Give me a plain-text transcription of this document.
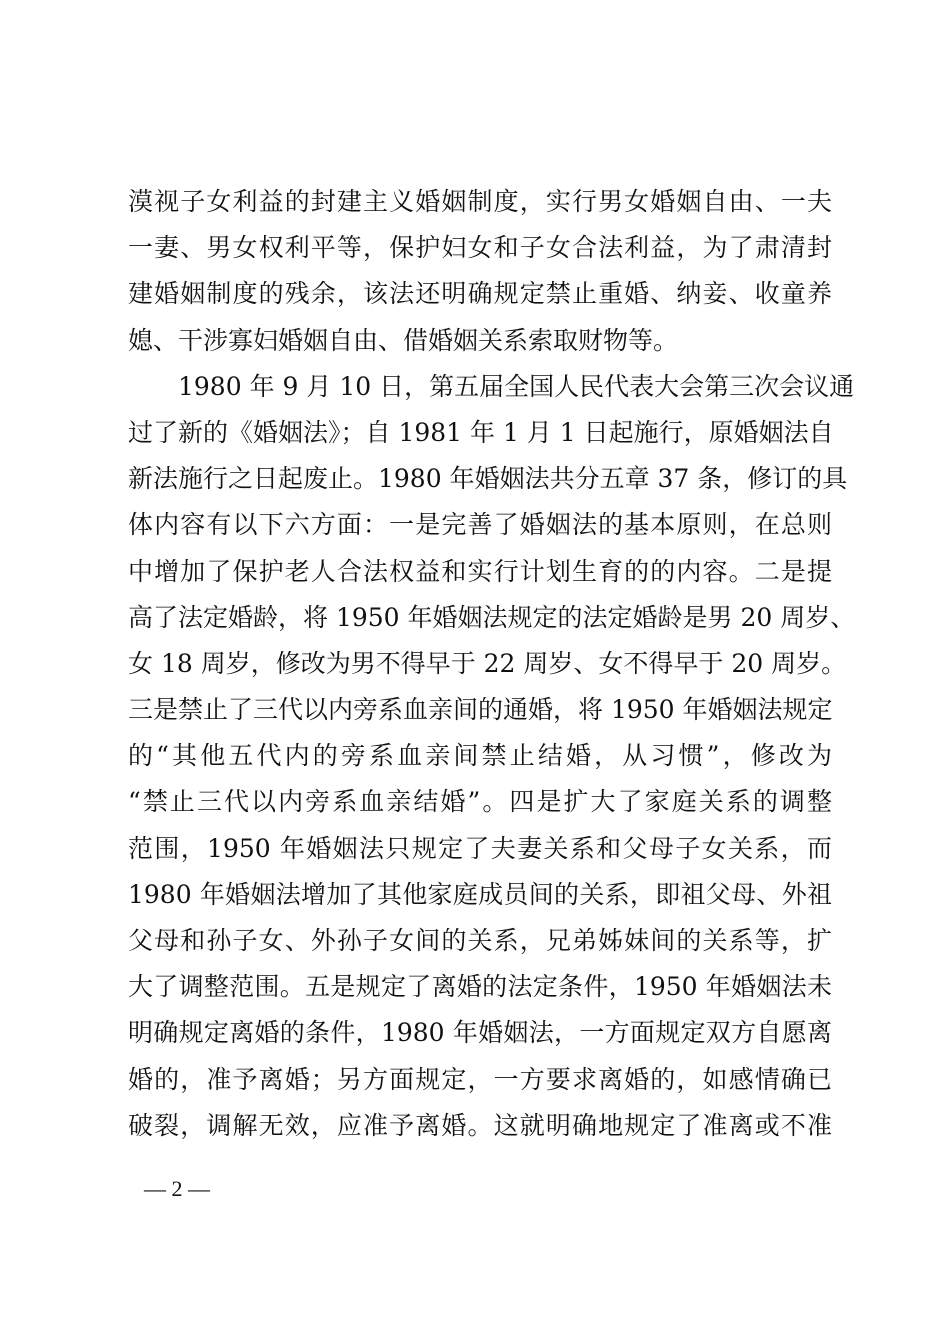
漠视子女利益的封建主义婚姻制度，实行男女婚姻自由、一夫
一妻、男女权利平等，保护妇女和子女合法利益，为了肃清封
建婚姻制度的残余，该法还明确规定禁止重婚、纳妾、收童养
媳、干涉寡妇婚姻自由、借婚姻关系索取财物等。
1980 年 9 月 10 日，第五届全国人民代表大会第三次会议通
过了新的《婚姻法》；自 1981 年 1 月 1 日起施行，原婚姻法自
新法施行之日起废止。1980 年婚姻法共分五章 37 条，修订的具
体内容有以下六方面：一是完善了婚姻法的基本原则，在总则
中增加了保护老人合法权益和实行计划生育的的内容。二是提
高了法定婚龄，将 1950 年婚姻法规定的法定婚龄是男 20 周岁、
女 18 周岁，修改为男不得早于 22 周岁、女不得早于 20 周岁。
三是禁止了三代以内旁系血亲间的通婚，将 1950 年婚姻法规定
的“其他五代内的旁系血亲间禁止结婚，从习惯”，修改为
“禁止三代以内旁系血亲结婚”。四是扩大了家庭关系的调整
范围，1950 年婚姻法只规定了夫妻关系和父母子女关系，而
1980 年婚姻法增加了其他家庭成员间的关系，即祖父母、外祖
父母和孙子女、外孙子女间的关系，兄弟姊妹间的关系等，扩
大了调整范围。五是规定了离婚的法定条件，1950 年婚姻法未
明确规定离婚的条件，1980 年婚姻法，一方面规定双方自愿离
婚的，准予离婚；另方面规定，一方要求离婚的，如感情确已
破裂，调解无效，应准予离婚。这就明确地规定了准离或不准
— 2 —
